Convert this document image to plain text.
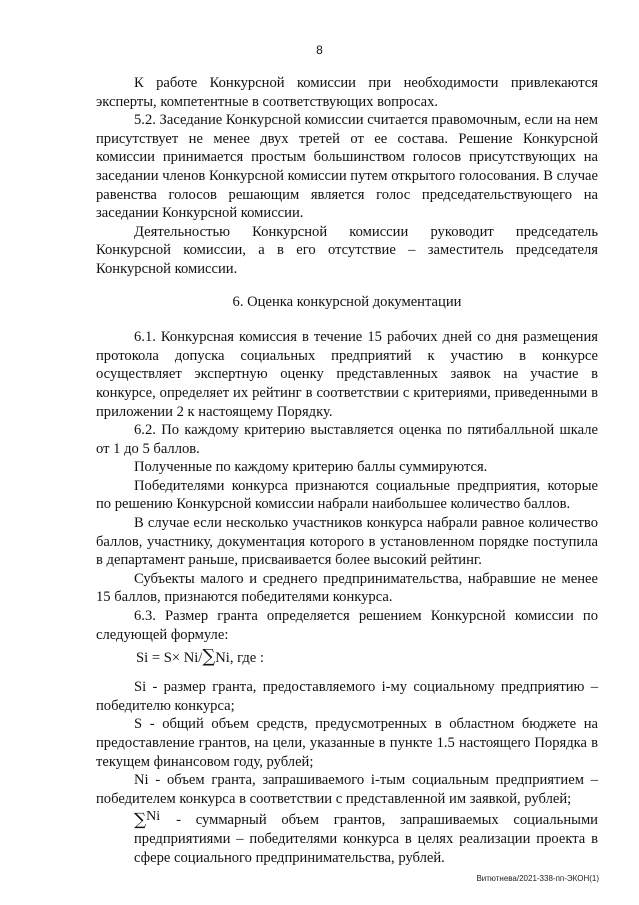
8

К работе Конкурсной комиссии при необходимости привлекаются эксперты, компетентные в соответствующих вопросах.

5.2. Заседание Конкурсной комиссии считается правомочным, если на нем присутствует не менее двух третей от ее состава. Решение Конкурсной комиссии принимается простым большинством голосов присутствующих на заседании членов Конкурсной комиссии путем открытого голосования. В случае равенства голосов решающим является голос председательствующего на заседании Конкурсной комиссии.

Деятельностью Конкурсной комиссии руководит председатель Конкурсной комиссии, а в его отсутствие – заместитель председателя Конкурсной комиссии.

6. Оценка конкурсной документации

6.1. Конкурсная комиссия в течение 15 рабочих дней со дня размещения протокола допуска социальных предприятий к участию в конкурсе осуществляет экспертную оценку представленных заявок на участие в конкурсе, определяет их рейтинг в соответствии с критериями, приведенными в приложении 2 к настоящему Порядку.

6.2. По каждому критерию выставляется оценка по пятибалльной шкале от 1 до 5 баллов.

Полученные по каждому критерию баллы суммируются.

Победителями конкурса признаются социальные предприятия, которые по решению Конкурсной комиссии набрали наибольшее количество баллов.

В случае если несколько участников конкурса набрали равное количество баллов, участнику, документация которого в установленном порядке поступила в департамент раньше, присваивается более высокий рейтинг.

Субъекты малого и среднего предпринимательства, набравшие не менее 15 баллов, признаются победителями конкурса.

6.3. Размер гранта определяется решением Конкурсной комиссии по следующей формуле:

Si = S× Ni/∑Ni, где :

Si - размер гранта, предоставляемого i-му социальному предприятию – победителю конкурса;

S - общий объем средств, предусмотренных в областном бюджете на предоставление грантов, на цели, указанные в пункте 1.5 настоящего Порядка в текущем финансовом году, рублей;

Ni - объем гранта, запрашиваемого i-тым социальным предприятием – победителем конкурса в соответствии с представленной им заявкой, рублей;

∑Ni - суммарный объем грантов, запрашиваемых социальными предприятиями – победителями конкурса в целях реализации проекта в сфере социального предпринимательства, рублей.

Витютнева/2021-338-пп-ЭКОН(1)
